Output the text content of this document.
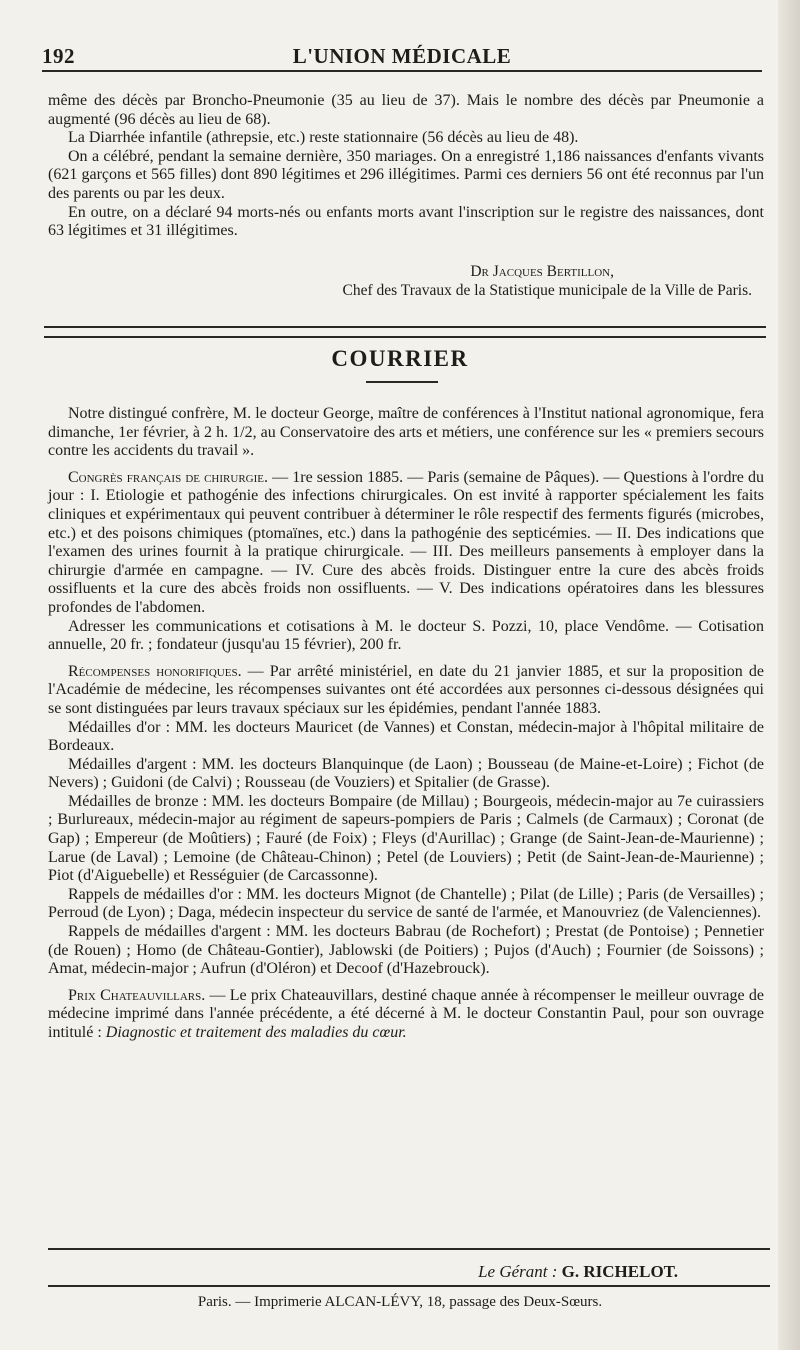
192	L'UNION MÉDICALE

même des décès par Broncho-Pneumonie (35 au lieu de 37). Mais le nombre des décès par Pneumonie a augmenté (96 décès au lieu de 68).

La Diarrhée infantile (athrepsie, etc.) reste stationnaire (56 décès au lieu de 48).

On a célébré, pendant la semaine dernière, 350 mariages. On a enregistré 1,186 naissances d'enfants vivants (621 garçons et 565 filles) dont 890 légitimes et 296 illégitimes. Parmi ces derniers 56 ont été reconnus par l'un des parents ou par les deux.

En outre, on a déclaré 94 morts-nés ou enfants morts avant l'inscription sur le registre des naissances, dont 63 légitimes et 31 illégitimes.

Dr Jacques Bertillon,
Chef des Travaux de la Statistique municipale de la Ville de Paris.
COURRIER

Notre distingué confrère, M. le docteur George, maître de conférences à l'Institut national agronomique, fera dimanche, 1er février, à 2 h. 1/2, au Conservatoire des arts et métiers, une conférence sur les « premiers secours contre les accidents du travail ».

Congrès français de chirurgie. — 1re session 1885. — Paris (semaine de Pâques). — Questions à l'ordre du jour : I. Etiologie et pathogénie des infections chirurgicales. On est invité à rapporter spécialement les faits cliniques et expérimentaux qui peuvent contribuer à déterminer le rôle respectif des ferments figurés (microbes, etc.) et des poisons chimiques (ptomaïnes, etc.) dans la pathogénie des septicémies. — II. Des indications que l'examen des urines fournit à la pratique chirurgicale. — III. Des meilleurs pansements à employer dans la chirurgie d'armée en campagne. — IV. Cure des abcès froids. Distinguer entre la cure des abcès froids ossifluents et la cure des abcès froids non ossifluents. — V. Des indications opératoires dans les blessures profondes de l'abdomen.

Adresser les communications et cotisations à M. le docteur S. Pozzi, 10, place Vendôme. — Cotisation annuelle, 20 fr. ; fondateur (jusqu'au 15 février), 200 fr.

Récompenses honorifiques. — Par arrêté ministériel, en date du 21 janvier 1885, et sur la proposition de l'Académie de médecine, les récompenses suivantes ont été accordées aux personnes ci-dessous désignées qui se sont distinguées par leurs travaux spéciaux sur les épidémies, pendant l'année 1883.

Médailles d'or : MM. les docteurs Mauricet (de Vannes) et Constan, médecin-major à l'hôpital militaire de Bordeaux.

Médailles d'argent : MM. les docteurs Blanquinque (de Laon) ; Bousseau (de Maine-et-Loire) ; Fichot (de Nevers) ; Guidoni (de Calvi) ; Rousseau (de Vouziers) et Spitalier (de Grasse).

Médailles de bronze : MM. les docteurs Bompaire (de Millau) ; Bourgeois, médecin-major au 7e cuirassiers ; Burlureaux, médecin-major au régiment de sapeurs-pompiers de Paris ; Calmels (de Carmaux) ; Coronat (de Gap) ; Empereur (de Moûtiers) ; Fauré (de Foix) ; Fleys (d'Aurillac) ; Grange (de Saint-Jean-de-Maurienne) ; Larue (de Laval) ; Lemoine (de Château-Chinon) ; Petel (de Louviers) ; Petit (de Saint-Jean-de-Maurienne) ; Piot (d'Aiguebelle) et Rességuier (de Carcassonne).

Rappels de médailles d'or : MM. les docteurs Mignot (de Chantelle) ; Pilat (de Lille) ; Paris (de Versailles) ; Perroud (de Lyon) ; Daga, médecin inspecteur du service de santé de l'armée, et Manouvriez (de Valenciennes).

Rappels de médailles d'argent : MM. les docteurs Babrau (de Rochefort) ; Prestat (de Pontoise) ; Pennetier (de Rouen) ; Homo (de Château-Gontier), Jablowski (de Poitiers) ; Pujos (d'Auch) ; Fournier (de Soissons) ; Amat, médecin-major ; Aufrun (d'Oléron) et Decoof (d'Hazebrouck).

Prix Chateauvillars. — Le prix Chateauvillars, destiné chaque année à récompenser le meilleur ouvrage de médecine imprimé dans l'année précédente, a été décerné à M. le docteur Constantin Paul, pour son ouvrage intitulé : Diagnostic et traitement des maladies du cœur.

Le Gérant : G. RICHELOT.
Paris. — Imprimerie ALCAN-LÉVY, 18, passage des Deux-Sœurs.
